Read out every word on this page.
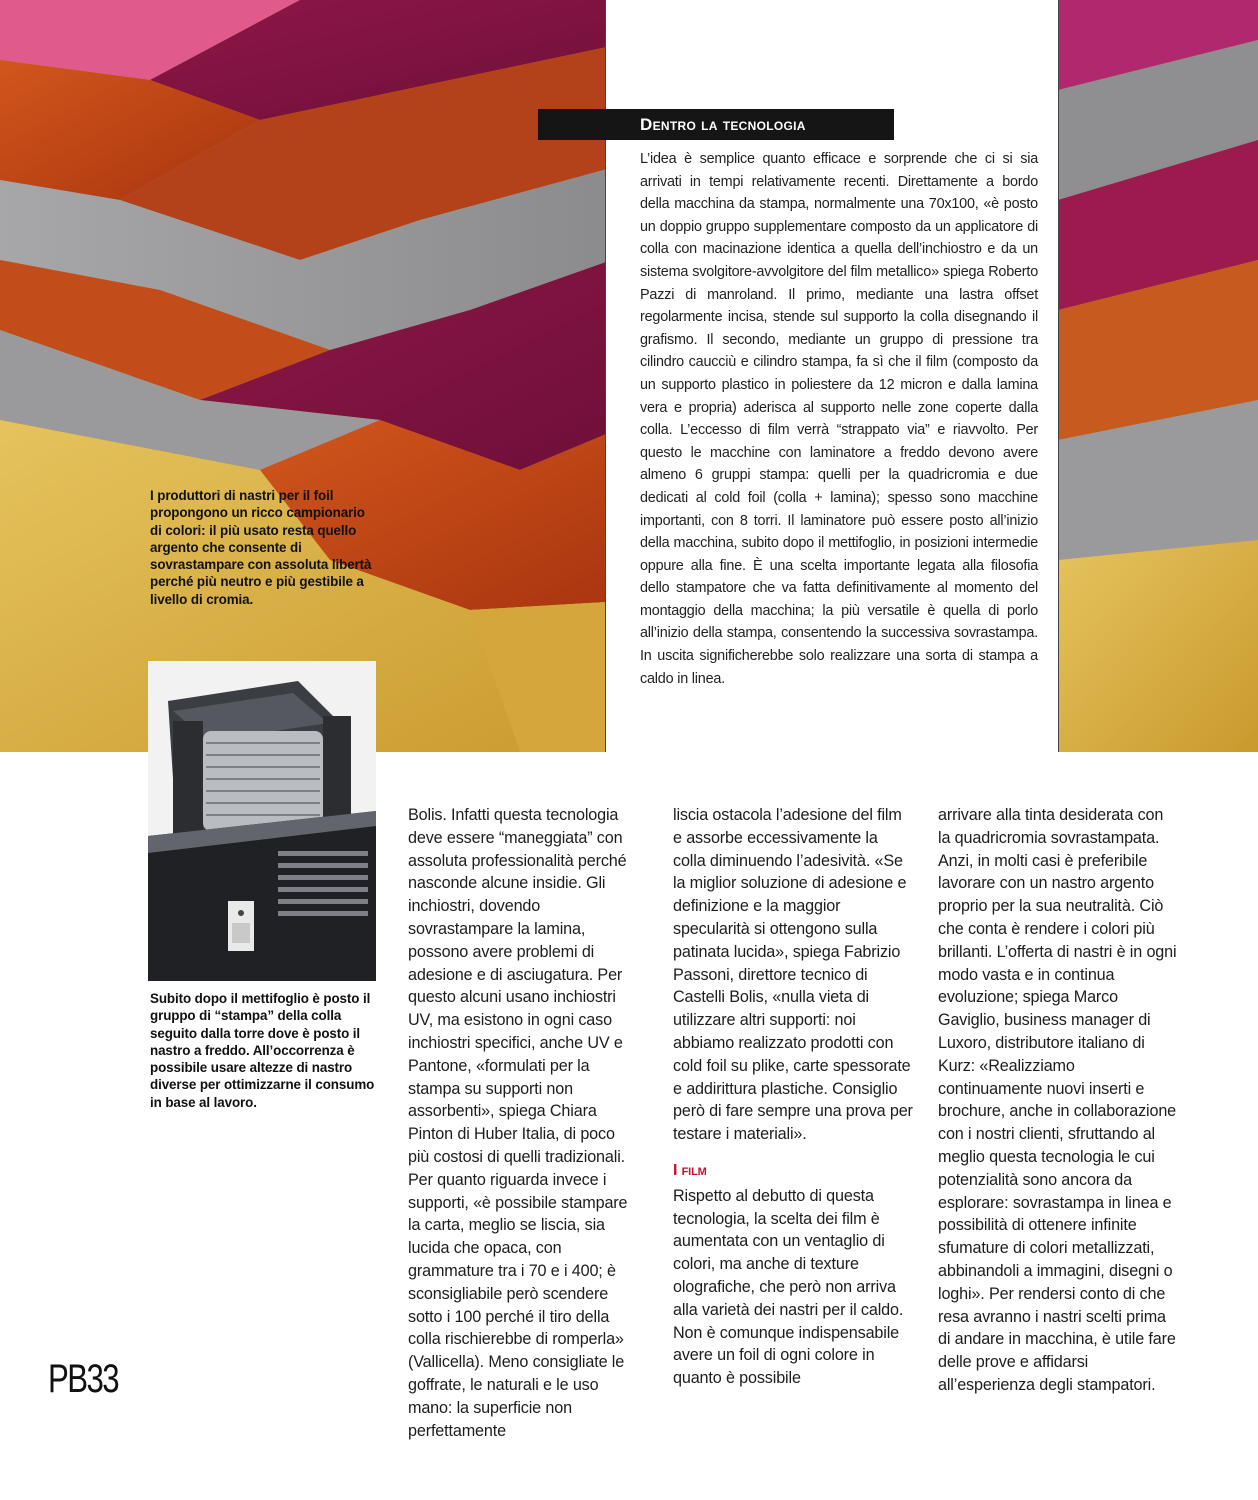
Dentro la tecnologia
L’idea è semplice quanto efficace e sorprende che ci si sia arrivati in tempi relativamente recenti. Direttamente a bordo della macchina da stampa, normalmente una 70x100, «è posto un doppio gruppo supplementare composto da un applicatore di colla con macinazione identica a quella dell’inchiostro e da un sistema svolgitore-avvolgitore del film metallico» spiega Roberto Pazzi di manroland. Il primo, mediante una lastra offset regolarmente incisa, stende sul supporto la colla disegnando il grafismo. Il secondo, mediante un gruppo di pressione tra cilindro caucciù e cilindro stampa, fa sì che il film (composto da un supporto plastico in poliestere da 12 micron e dalla lamina vera e propria) aderisca al supporto nelle zone coperte dalla colla. L’eccesso di film verrà “strappato via” e riavvolto. Per questo le macchine con laminatore a freddo devono avere almeno 6 gruppi stampa: quelli per la quadricromia e due dedicati al cold foil (colla + lamina); spesso sono macchine importanti, con 8 torri. Il laminatore può essere posto all’inizio della macchina, subito dopo il mettifoglio, in posizioni intermedie oppure alla fine. È una scelta importante legata alla filosofia dello stampatore che va fatta definitivamente al momento del montaggio della macchina; la più versatile è quella di porlo all’inizio della stampa, consentendo la successiva sovrastampa. In uscita significherebbe solo realizzare una sorta di stampa a caldo in linea.
I produttori di nastri per il foil propongono un ricco campionario di colori: il più usato resta quello argento che consente di sovrastampare con assoluta libertà perché più neutro e più gestibile a livello di cromia.
Subito dopo il mettifoglio è posto il gruppo di “stampa” della colla seguito dalla torre dove è posto il nastro a freddo. All’occorrenza è possibile usare altezze di nastro diverse per ottimizzarne il consumo in base al lavoro.

Bolis. Infatti questa tecnologia deve essere “maneggiata” con assoluta professionalità perché nasconde alcune insidie. Gli inchiostri, dovendo sovrastampare la lamina, possono avere problemi di adesione e di asciugatura. Per questo alcuni usano inchiostri UV, ma esistono in ogni caso inchiostri specifici, anche UV e Pantone, «formulati per la stampa su supporti non assorbenti», spiega Chiara Pinton di Huber Italia, di poco più costosi di quelli tradizionali. Per quanto riguarda invece i supporti, «è possibile stampare la carta, meglio se liscia, sia lucida che opaca, con grammature tra i 70 e i 400; è sconsigliabile però scendere sotto i 100 perché il tiro della colla rischierebbe di romperla» (Vallicella). Meno consigliate le goffrate, le naturali e le uso mano: la superficie non perfettamente

liscia ostacola l’adesione del film e assorbe eccessivamente la colla diminuendo l’adesività. «Se la miglior soluzione di adesione e definizione e la maggior specularità si ottengono sulla patinata lucida», spiega Fabrizio Passoni, direttore tecnico di Castelli Bolis, «nulla vieta di utilizzare altri supporti: noi abbiamo realizzato prodotti con cold foil su plike, carte spessorate e addirittura plastiche. Consiglio però di fare sempre una prova per testare i materiali».

I film

Rispetto al debutto di questa tecnologia, la scelta dei film è aumentata con un ventaglio di colori, ma anche di texture olografiche, che però non arriva alla varietà dei nastri per il caldo. Non è comunque indispensabile avere un foil di ogni colore in quanto è possibile

arrivare alla tinta desiderata con la quadricromia sovrastampata. Anzi, in molti casi è preferibile lavorare con un nastro argento proprio per la sua neutralità. Ciò che conta è rendere i colori più brillanti. L’offerta di nastri è in ogni modo vasta e in continua evoluzione; spiega Marco Gaviglio, business manager di Luxoro, distributore italiano di Kurz: «Realizziamo continuamente nuovi inserti e brochure, anche in collaborazione con i nostri clienti, sfruttando al meglio questa tecnologia le cui potenzialità sono ancora da esplorare: sovrastampa in linea e possibilità di ottenere infinite sfumature di colori metallizzati, abbinandoli a immagini, disegni o loghi». Per rendersi conto di che resa avranno i nastri scelti prima di andare in macchina, è utile fare delle prove e affidarsi all’esperienza degli stampatori.

PB33
